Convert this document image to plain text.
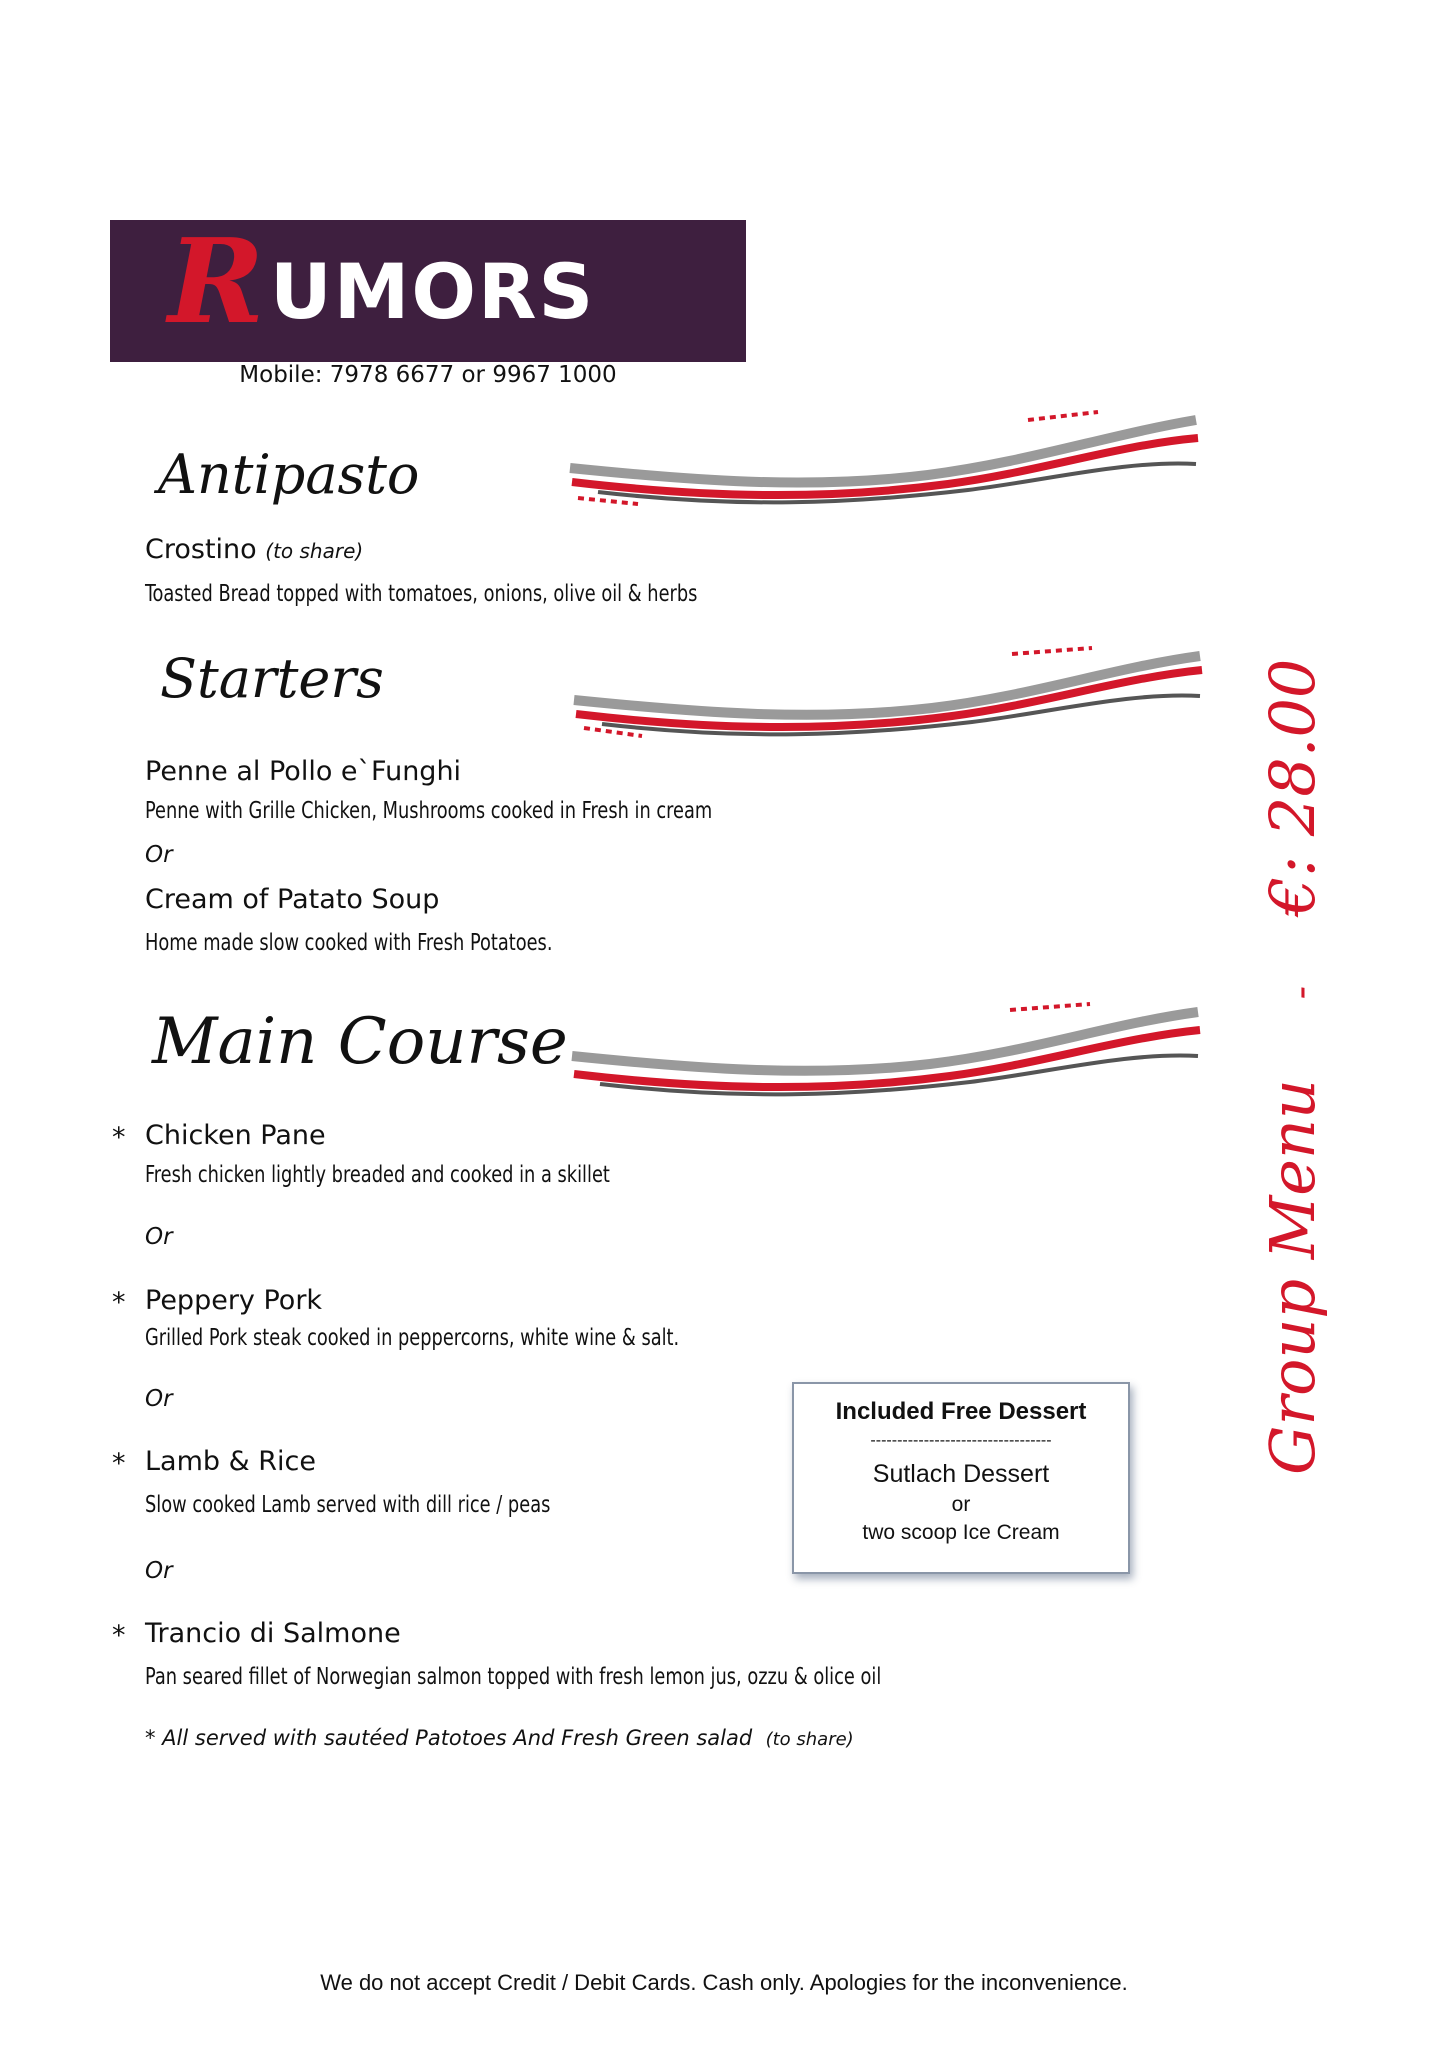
R UMORS
Mobile: 7978 6677 or 9967 1000
Antipasto
Crostino (to share)
Toasted Bread topped with tomatoes, onions, olive oil & herbs
Starters
Penne al Pollo e`Funghi
Penne with Grille Chicken, Mushrooms cooked in Fresh in cream
Or
Cream of Patato Soup
Home made slow cooked with Fresh Potatoes.
Main Course
* Chicken Pane
Fresh chicken lightly breaded and cooked in a skillet
Or
* Peppery Pork
Grilled Pork steak cooked in peppercorns, white wine & salt.
Or
* Lamb & Rice
Slow cooked Lamb served with dill rice / peas
Or
* Trancio di Salmone
Pan seared fillet of Norwegian salmon topped with fresh lemon jus, ozzu & olice oil
* All served with sautéed Patotoes And Fresh Green salad (to share)
Included Free Dessert
----------------------------------
Sutlach Dessert
or
two scoop Ice Cream
Group Menu - €: 28.00
We do not accept Credit / Debit Cards. Cash only. Apologies for the inconvenience.
